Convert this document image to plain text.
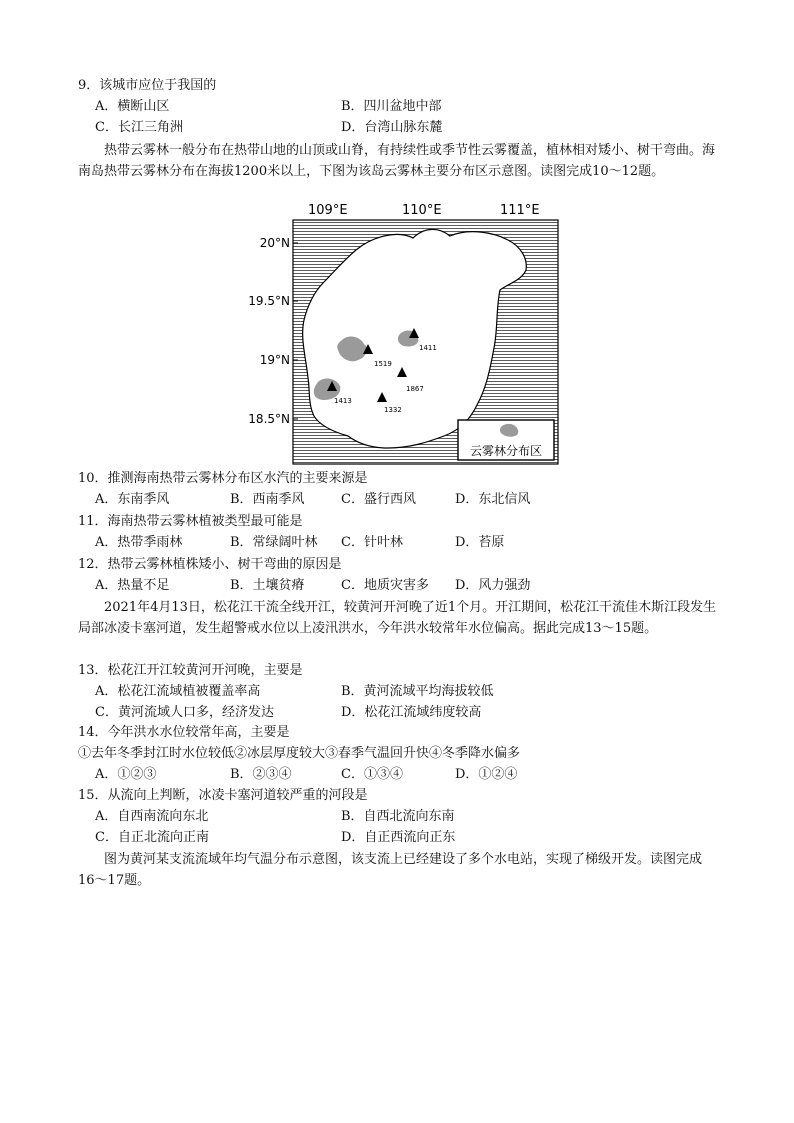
9．该城市应位于我国的
A．横断山区	B．四川盆地中部
C．长江三角洲	D．台湾山脉东麓
热带云雾林一般分布在热带山地的山顶或山脊，有持续性或季节性云雾覆盖，植林相对矮小、树干弯曲。海南岛热带云雾林分布在海拔1200米以上，下图为该岛云雾林主要分布区示意图。读图完成10～12题。
1411
1519
1867
1413
1332
109°E	110°E	111°E
20°N
19.5°N
19°N
18.5°N
云雾林分布区
10．推测海南热带云雾林分布区水汽的主要来源是
A．东南季风	B．西南季风	C．盛行西风	D．东北信风
11．海南热带云雾林植被类型最可能是
A．热带季雨林	B．常绿阔叶林 C．针叶林	D．苔原
12．热带云雾林植株矮小、树干弯曲的原因是
A．热量不足	B．土壤贫瘠	C．地质灾害多 D．风力强劲
2021年4月13日，松花江干流全线开江，较黄河开河晚了近1个月。开江期间，松花江干流佳木斯江段发生局部冰凌卡塞河道，发生超警戒水位以上凌汛洪水，今年洪水较常年水位偏高。据此完成13～15题。
13．松花江开江较黄河开河晚，主要是
A．松花江流域植被覆盖率高	B．黄河流域平均海拔较低
C．黄河流域人口多，经济发达	D．松花江流域纬度较高
14．今年洪水水位较常年高，主要是
①去年冬季封江时水位较低②冰层厚度较大③春季气温回升快④冬季降水偏多
A．①②③	B．②③④	C．①③④	D．①②④
15．从流向上判断，冰凌卡塞河道较严重的河段是
A．自西南流向东北	B．自西北流向东南
C．自正北流向正南	D．自正西流向正东
图为黄河某支流流域年均气温分布示意图，该支流上已经建设了多个水电站，实现了梯级开发。读图完成16～17题。
